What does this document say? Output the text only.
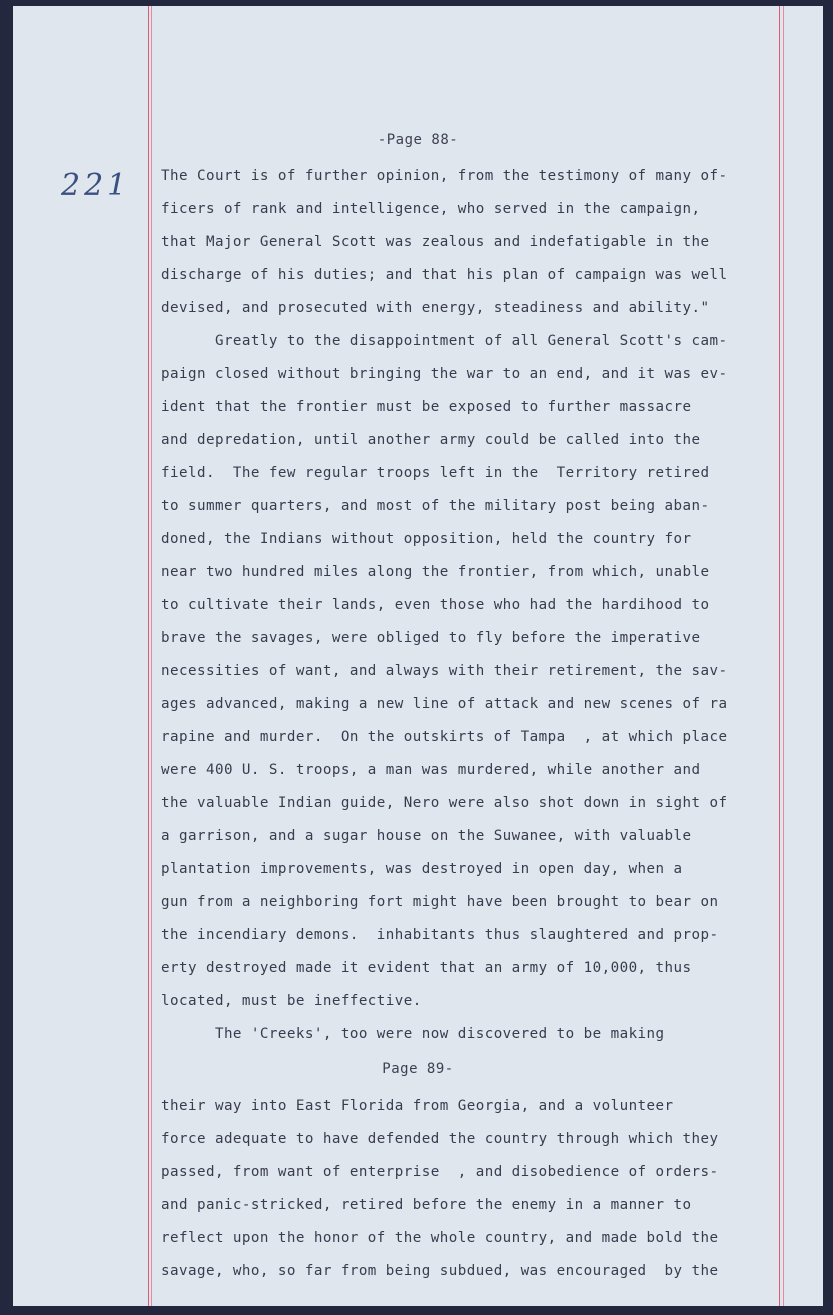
221
-Page 88-
The Court is of further opinion, from the testimony of many of-
ficers of rank and intelligence, who served in the campaign,
that Major General Scott was zealous and indefatigable in the
discharge of his duties; and that his plan of campaign was well
devised, and prosecuted with energy, steadiness and ability."
Greatly to the disappointment of all General Scott's cam-
paign closed without bringing the war to an end, and it was ev-
ident that the frontier must be exposed to further massacre
and depredation, until another army could be called into the
field.  The few regular troops left in the  Territory retired
to summer quarters, and most of the military post being aban-
doned, the Indians without opposition, held the country for
near two hundred miles along the frontier, from which, unable
to cultivate their lands, even those who had the hardihood to
brave the savages, were obliged to fly before the imperative
necessities of want, and always with their retirement, the sav-
ages advanced, making a new line of attack and new scenes of ra
rapine and murder.  On the outskirts of Tampa  , at which place
were 400 U. S. troops, a man was murdered, while another and
the valuable Indian guide, Nero were also shot down in sight of
a garrison, and a sugar house on the Suwanee, with valuable
plantation improvements, was destroyed in open day, when a
gun from a neighboring fort might have been brought to bear on
the incendiary demons.  inhabitants thus slaughtered and prop-
erty destroyed made it evident that an army of 10,000, thus
located, must be ineffective.
The 'Creeks', too were now discovered to be making
Page 89-
their way into East Florida from Georgia, and a volunteer
force adequate to have defended the country through which they
passed, from want of enterprise  , and disobedience of orders-
and panic-stricked, retired before the enemy in a manner to
reflect upon the honor of the whole country, and made bold the
savage, who, so far from being subdued, was encouraged  by the
